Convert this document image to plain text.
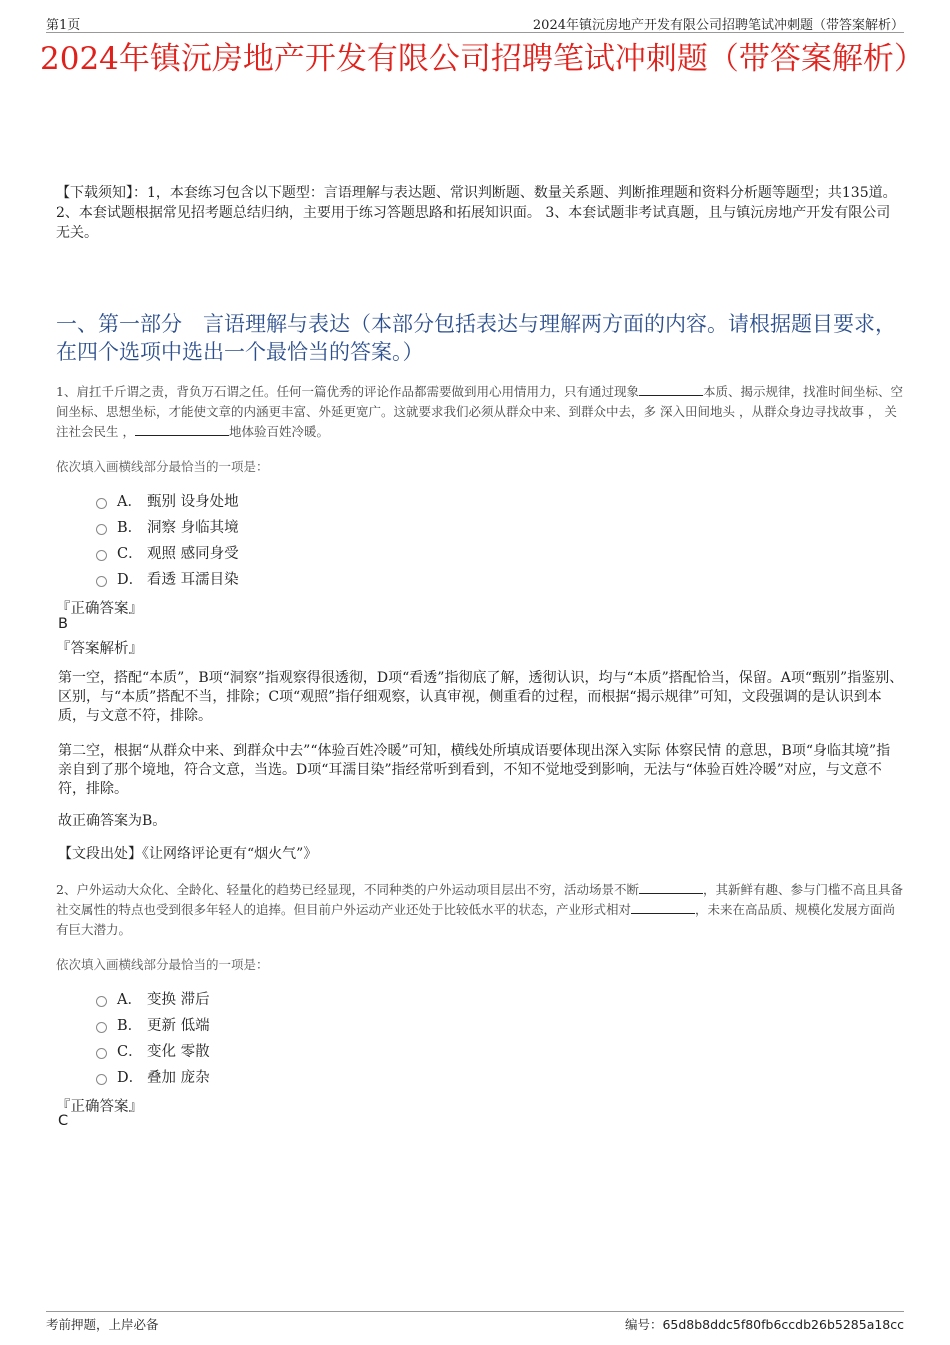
第1页	2024年镇沅房地产开发有限公司招聘笔试冲刺题（带答案解析）
2024年镇沅房地产开发有限公司招聘笔试冲刺题（带答案解析）
【下载须知】：1，本套练习包含以下题型：言语理解与表达题、常识判断题、数量关系题、判断推理题和资料分析题等题型；共135道。 2、本套试题根据常见招考题总结归纳，主要用于练习答题思路和拓展知识面。 3、本套试题非考试真题，且与镇沅房地产开发有限公司无关。
一、第一部分　言语理解与表达（本部分包括表达与理解两方面的内容。请根据题目要求，在四个选项中选出一个最恰当的答案。）
1、肩扛千斤谓之责，背负万石谓之任。任何一篇优秀的评论作品都需要做到用心用情用力，只有通过现象	本质、揭示规律，找准时间坐标、空间坐标、思想坐标，才能使文章的内涵更丰富、外延更宽广。这就要求我们必须从群众中来、到群众中去，多 深入田间地头 ，从群众身边寻找故事 ， 关注社会民生 ，	地体验百姓冷暖。
依次填入画横线部分最恰当的一项是：
A． 甄别 设身处地
B． 洞察 身临其境
C． 观照 感同身受
D． 看透 耳濡目染
『正确答案』
B
『答案解析』
第一空，搭配“本质”，B项“洞察”指观察得很透彻，D项“看透”指彻底了解，透彻认识，均与“本质”搭配恰当，保留。A项“甄别”指鉴别、区别，与“本质”搭配不当，排除；C项“观照”指仔细观察，认真审视，侧重看的过程，而根据“揭示规律”可知，文段强调的是认识到本质，与文意不符，排除。
第二空，根据“从群众中来、到群众中去”“体验百姓冷暖”可知，横线处所填成语要体现出深入实际 体察民情 的意思，B项“身临其境”指亲自到了那个境地，符合文意，当选。D项“耳濡目染”指经常听到看到，不知不觉地受到影响，无法与“体验百姓冷暖”对应，与文意不符，排除。
故正确答案为B。
【文段出处】《让网络评论更有“烟火气”》
2、户外运动大众化、全龄化、轻量化的趋势已经显现，不同种类的户外运动项目层出不穷，活动场景不断	，其新鲜有趣、参与门槛不高且具备社交属性的特点也受到很多年轻人的追捧。但目前户外运动产业还处于比较低水平的状态，产业形式相对	，未来在高品质、规模化发展方面尚有巨大潜力。
依次填入画横线部分最恰当的一项是：
A． 变换 滞后
B． 更新 低端
C． 变化 零散
D． 叠加 庞杂
『正确答案』
C
考前押题，上岸必备	编号：65d8b8ddc5f80fb6ccdb26b5285a18cc
